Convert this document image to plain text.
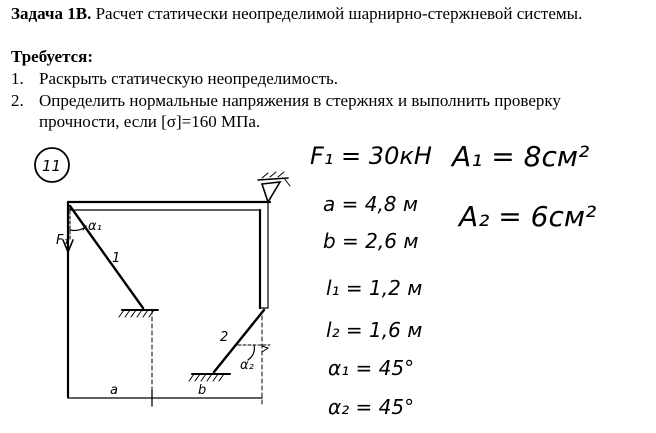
Задача 1В. Расчет статически неопределимой шарнирно-стержневой системы.
Требуется:
1. Раскрыть статическую неопределимость.
2. Определить нормальные напряжения в стержнях и выполнить проверку
прочности, если [σ]=160 МПа.
11
F₁
α₁
1
2
α₂
a	b
F₁ = 30кН A₁ = 8см²
A₂ = 6см²
a = 4,8 м
b = 2,6 м
l₁ = 1,2 м
l₂ = 1,6 м
α₁ = 45°
α₂ = 45°
